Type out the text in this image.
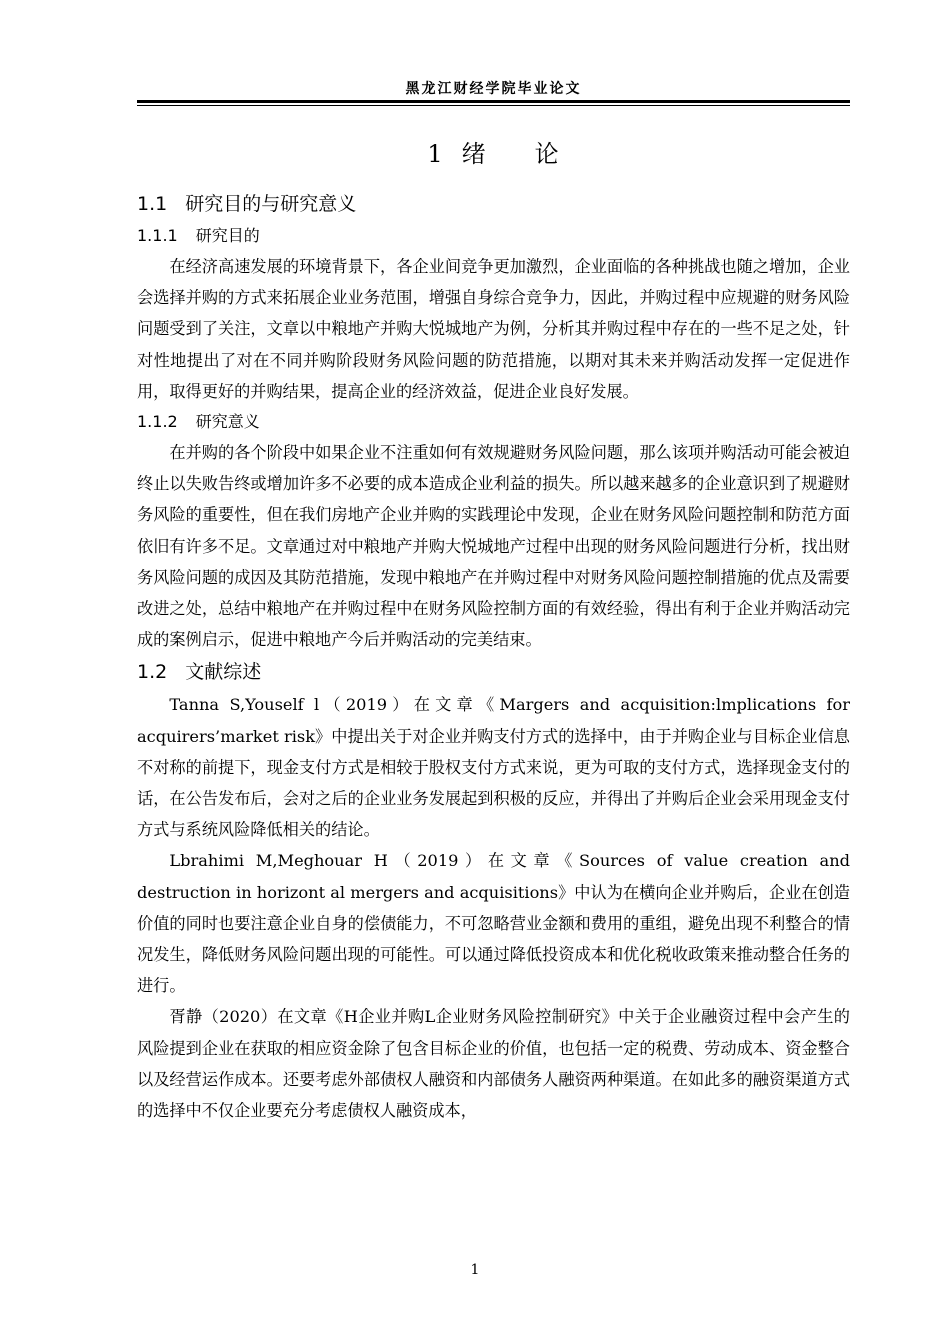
黑龙江财经学院毕业论文
1 绪 论
1.1 研究目的与研究意义
1.1.1 研究目的

在经济高速发展的环境背景下，各企业间竞争更加激烈，企业面临的各种挑战也随之增加，企业会选择并购的方式来拓展企业业务范围，增强自身综合竞争力，因此，并购过程中应规避的财务风险问题受到了关注，文章以中粮地产并购大悦城地产为例，分析其并购过程中存在的一些不足之处，针对性地提出了对在不同并购阶段财务风险问题的防范措施，以期对其未来并购活动发挥一定促进作用，取得更好的并购结果，提高企业的经济效益，促进企业良好发展。

1.1.2 研究意义

在并购的各个阶段中如果企业不注重如何有效规避财务风险问题，那么该项并购活动可能会被迫终止以失败告终或增加许多不必要的成本造成企业利益的损失。所以越来越多的企业意识到了规避财务风险的重要性，但在我们房地产企业并购的实践理论中发现，企业在财务风险问题控制和防范方面依旧有许多不足。文章通过对中粮地产并购大悦城地产过程中出现的财务风险问题进行分析，找出财务风险问题的成因及其防范措施，发现中粮地产在并购过程中对财务风险问题控制措施的优点及需要改进之处，总结中粮地产在并购过程中在财务风险控制方面的有效经验，得出有利于企业并购活动完成的案例启示，促进中粮地产今后并购活动的完美结束。

1.2 文献综述

Tanna S,Youself l（2019）在文章《Margers and acquisition:lmplications for acquirers’market risk》中提出关于对企业并购支付方式的选择中，由于并购企业与目标企业信息不对称的前提下，现金支付方式是相较于股权支付方式来说，更为可取的支付方式，选择现金支付的话，在公告发布后，会对之后的企业业务发展起到积极的反应，并得出了并购后企业会采用现金支付方式与系统风险降低相关的结论。

Lbrahimi M,Meghouar H（2019）在文章《Sources of value creation and destruction in horizont al mergers and acquisitions》中认为在横向企业并购后，企业在创造价值的同时也要注意企业自身的偿债能力，不可忽略营业金额和费用的重组，避免出现不利整合的情况发生，降低财务风险问题出现的可能性。可以通过降低投资成本和优化税收政策来推动整合任务的进行。

胥静（2020）在文章《H企业并购L企业财务风险控制研究》中关于企业融资过程中会产生的风险提到企业在获取的相应资金除了包含目标企业的价值，也包括一定的税费、劳动成本、资金整合以及经营运作成本。还要考虑外部债权人融资和内部债务人融资两种渠道。在如此多的融资渠道方式的选择中不仅企业要充分考虑债权人融资成本，

1
